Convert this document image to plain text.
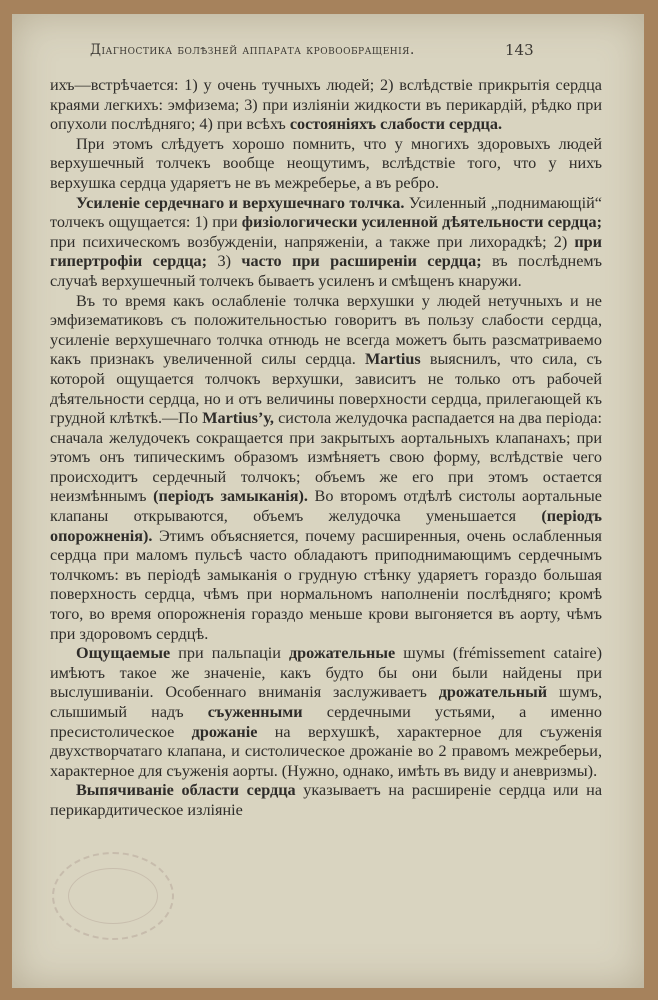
Діагностика болѣзней аппарата кровообращенія.	143

ихъ—встрѣчается: 1) у очень тучныхъ людей; 2) вслѣдствіе прикрытія сердца краями легкихъ: эмфизема; 3) при изліяніи жидкости въ перикардій, рѣдко при опухоли послѣдняго; 4) при всѣхъ состояніяхъ слабости сердца.

При этомъ слѣдуетъ хорошо помнить, что у многихъ здоровыхъ людей верхушечный толчекъ вообще неощутимъ, вслѣдствіе того, что у нихъ верхушка сердца ударяетъ не въ межреберье, а въ ребро.

Усиленіе сердечнаго и верхушечнаго толчка. Усиленный „поднимающій“ толчекъ ощущается: 1) при физіологически усиленной дѣятельности сердца; при психическомъ возбужденіи, напряженіи, а также при лихорадкѣ; 2) при гипертрофіи сердца; 3) часто при расширеніи сердца; въ послѣднемъ случаѣ верхушечный толчекъ бываетъ усиленъ и смѣщенъ кнаружи.

Въ то время какъ ослабленіе толчка верхушки у людей нетучныхъ и не эмфизематиковъ съ положительностью говоритъ въ пользу слабости сердца, усиленіе верхушечнаго толчка отнюдь не всегда можетъ быть разсматриваемо какъ признакъ увеличенной силы сердца. Martius выяснилъ, что сила, съ которой ощущается толчокъ верхушки, зависитъ не только отъ рабочей дѣятельности сердца, но и отъ величины поверхности сердца, прилегающей къ грудной клѣткѣ.—По Martius’у, систола желудочка распадается на два періода: сначала желудочекъ сокращается при закрытыхъ аортальныхъ клапанахъ; при этомъ онъ типическимъ образомъ измѣняетъ свою форму, вслѣдствіе чего происходитъ сердечный толчокъ; объемъ же его при этомъ остается неизмѣннымъ (періодъ замыканія). Во второмъ отдѣлѣ систолы аортальные клапаны открываются, объемъ желудочка уменьшается (періодъ опорожненія). Этимъ объясняется, почему расширенныя, очень ослабленныя сердца при маломъ пульсѣ часто обладаютъ приподнимающимъ сердечнымъ толчкомъ: въ періодѣ замыканія о грудную стѣнку ударяетъ гораздо большая поверхность сердца, чѣмъ при нормальномъ наполненіи послѣдняго; кромѣ того, во время опорожненія гораздо меньше крови выгоняется въ аорту, чѣмъ при здоровомъ сердцѣ.

Ощущаемые при пальпаціи дрожательные шумы (frémissement cataire) имѣютъ такое же значеніе, какъ будто бы они были найдены при выслушиваніи. Особеннаго вниманія заслуживаетъ дрожательный шумъ, слышимый надъ съуженными сердечными устьями, а именно пресистолическое дрожаніе на верхушкѣ, характерное для съуженія двухстворчатаго клапана, и систолическое дрожаніе во 2 правомъ межреберьи, характерное для съуженія аорты. (Нужно, однако, имѣть въ виду и аневризмы).

Выпячиваніе области сердца указываетъ на расширеніе сердца или на перикардитическое изліяніе
